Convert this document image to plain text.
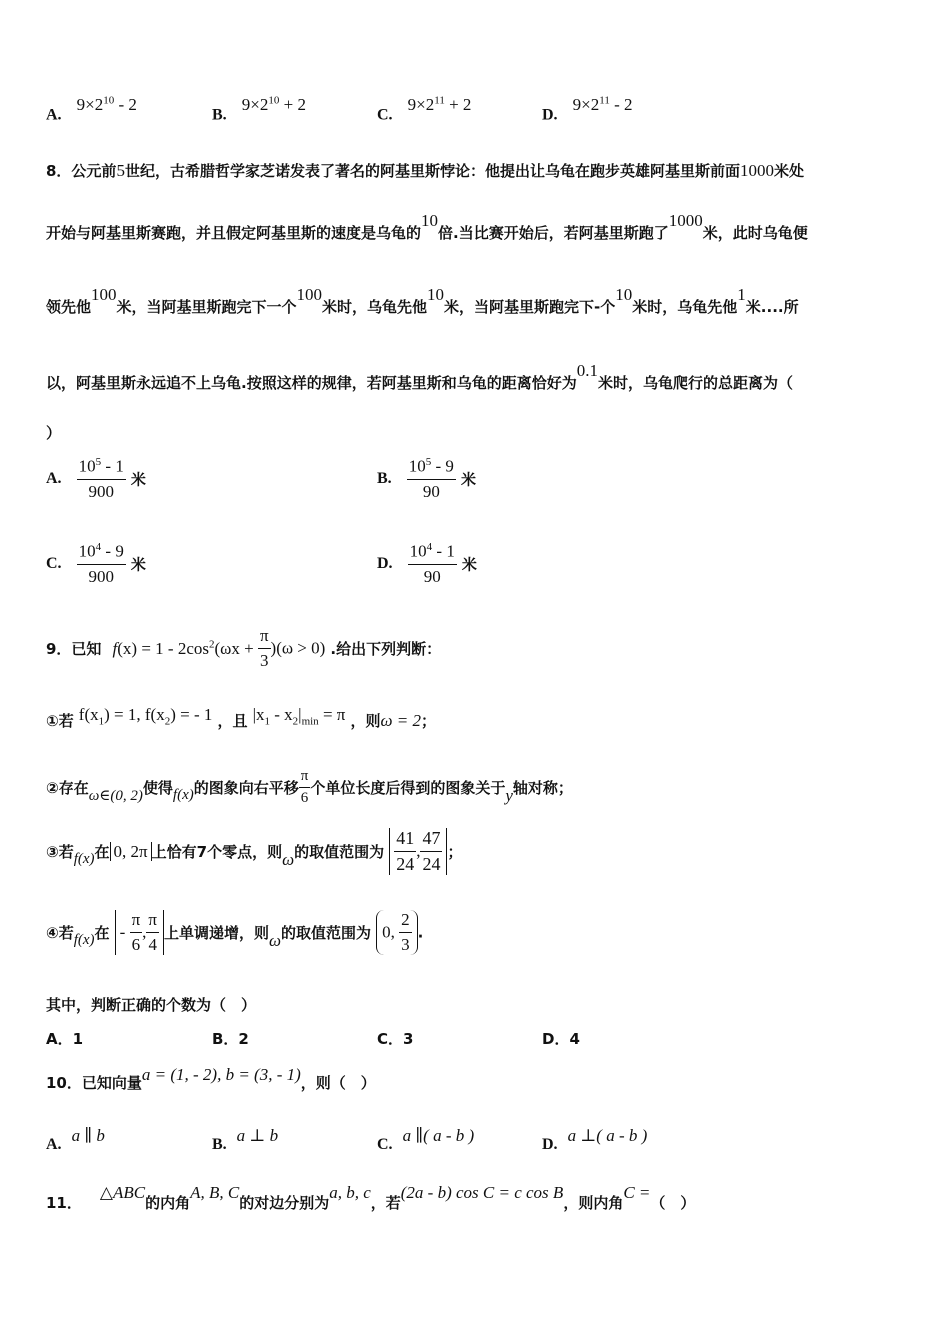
A. $9\times 2^{10} - 2$
B. $9\times 2^{10} + 2$
C. $9\times 2^{11} + 2$
D. $9\times 2^{11} - 2$
8．公元前5世纪，古希腊哲学家芝诺发表了著名的阿基里斯悖论：他提出让乌龟在跑步英雄阿基里斯前面1000米处
开始与阿基里斯赛跑，并且假定阿基里斯的速度是乌龟的10倍.当比赛开始后，若阿基里斯跑了1000米，此时乌龟便
领先他100米，当阿基里斯跑完下一个100米时，乌龟先他10米，当阿基里斯跑完下-个10米时，乌龟先他1米....所
以，阿基里斯永远追不上乌龟.按照这样的规律，若阿基里斯和乌龟的距离恰好为0.1米时，乌龟爬行的总距离为（
）
A. $\frac{10^5 - 1}{900}$ 米	B. $\frac{10^5 - 9}{90}$ 米
C. $\frac{10^4 - 9}{900}$ 米	D. $\frac{10^4 - 1}{90}$ 米
9．已知 $f(x) = 1 - 2\cos^2(\omega x + \frac{\pi}{3} )(\omega > 0)$ .给出下列判断：
①若 $f(x_1) = 1$, $f(x_2)$ = - 1 ，且 $|x_1 - x_2|_{min} = \pi$ ，则ω = 2；
②存在ω∈(0, 2)使得f(x)的图象向右平移 $\frac{\pi}{6}$ 个单位长度后得到的图象关于y轴对称；
③若f(x)在 0, 2π 上恰有7个零点，则ω的取值范围为 $\frac{41}{24}$ , $\frac{47}{24}$ ；
④若f(x)在 - $\frac{\pi}{6}$ , $\frac{\pi}{4}$ 上单调递增，则ω的取值范围为 0, $\frac{2}{3}$ .
其中，判断正确的个数为（　）
A．1	B．2	C．3	D．4
10．已知向量a = (1, - 2), b = (3, - 1)，则（　）
A. a ∥ b	B. a ⊥ b	C. a ∥( a - b )	D. a ⊥( a - b )
11．△ABC的内角A, B, C的对边分别为a, b, c，若(2a - b) cos C = c cos B，则内角C =（　）
